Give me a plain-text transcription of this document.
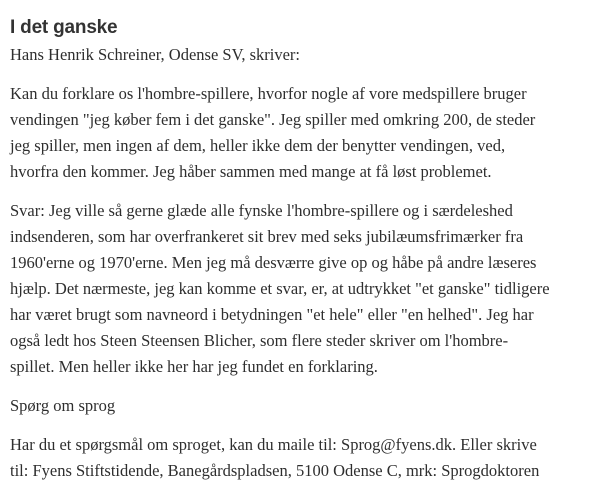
I det ganske

Hans Henrik Schreiner, Odense SV, skriver:

Kan du forklare os l'hombre-spillere, hvorfor nogle af vore medspillere bruger
vendingen "jeg køber fem i det ganske". Jeg spiller med omkring 200, de steder
jeg spiller, men ingen af dem, heller ikke dem der benytter vendingen, ved,
hvorfra den kommer. Jeg håber sammen med mange at få løst problemet.

Svar: Jeg ville så gerne glæde alle fynske l'hombre-spillere og i særdeleshed
indsenderen, som har overfrankeret sit brev med seks jubilæumsfrimærker fra
1960'erne og 1970'erne. Men jeg må desværre give op og håbe på andre læseres
hjælp. Det nærmeste, jeg kan komme et svar, er, at udtrykket "et ganske" tidligere
har været brugt som navneord i betydningen "et hele" eller "en helhed". Jeg har
også ledt hos Steen Steensen Blicher, som flere steder skriver om l'hombre-
spillet. Men heller ikke her har jeg fundet en forklaring.

Spørg om sprog

Har du et spørgsmål om sproget, kan du maile til: Sprog@fyens.dk. Eller skrive
til: Fyens Stiftstidende, Banegårdspladsen, 5100 Odense C, mrk: Sprogdoktoren
